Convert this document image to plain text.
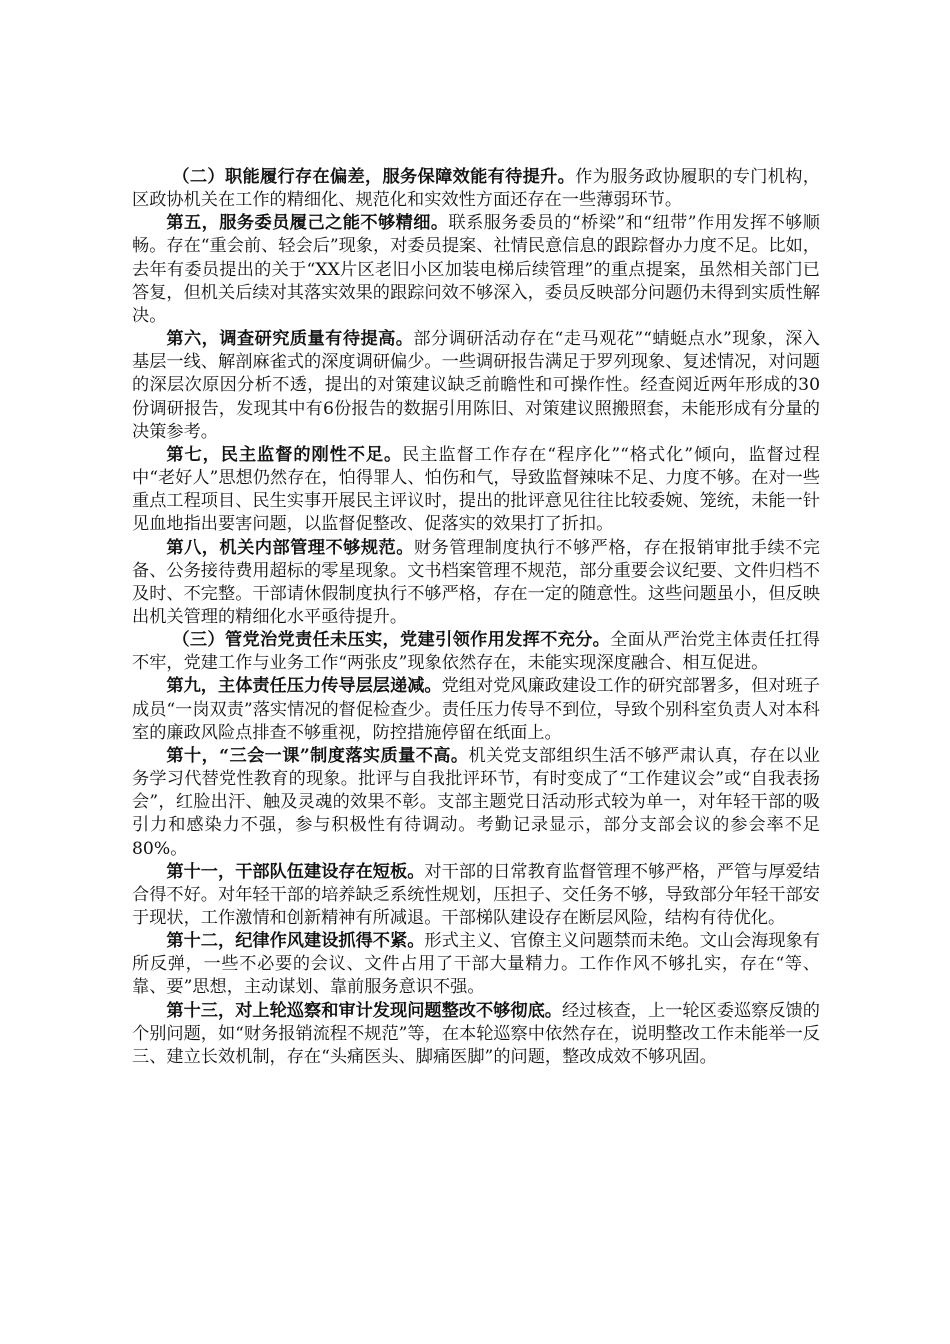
（二）职能履行存在偏差，服务保障效能有待提升。作为服务政协履职的专门机构，区政协机关在工作的精细化、规范化和实效性方面还存在一些薄弱环节。

第五，服务委员履己之能不够精细。联系服务委员的“桥梁”和“纽带”作用发挥不够顺畅。存在“重会前、轻会后”现象，对委员提案、社情民意信息的跟踪督办力度不足。比如，去年有委员提出的关于“XX片区老旧小区加装电梯后续管理”的重点提案，虽然相关部门已答复，但机关后续对其落实效果的跟踪问效不够深入，委员反映部分问题仍未得到实质性解决。

第六，调查研究质量有待提高。部分调研活动存在“走马观花”“蜻蜓点水”现象，深入基层一线、解剖麻雀式的深度调研偏少。一些调研报告满足于罗列现象、复述情况，对问题的深层次原因分析不透，提出的对策建议缺乏前瞻性和可操作性。经查阅近两年形成的30份调研报告，发现其中有6份报告的数据引用陈旧、对策建议照搬照套，未能形成有分量的决策参考。

第七，民主监督的刚性不足。民主监督工作存在“程序化”“格式化”倾向，监督过程中“老好人”思想仍然存在，怕得罪人、怕伤和气，导致监督辣味不足、力度不够。在对一些重点工程项目、民生实事开展民主评议时，提出的批评意见往往比较委婉、笼统，未能一针见血地指出要害问题，以监督促整改、促落实的效果打了折扣。

第八，机关内部管理不够规范。财务管理制度执行不够严格，存在报销审批手续不完备、公务接待费用超标的零星现象。文书档案管理不规范，部分重要会议纪要、文件归档不及时、不完整。干部请休假制度执行不够严格，存在一定的随意性。这些问题虽小，但反映出机关管理的精细化水平亟待提升。

（三）管党治党责任未压实，党建引领作用发挥不充分。全面从严治党主体责任扛得不牢，党建工作与业务工作“两张皮”现象依然存在，未能实现深度融合、相互促进。

第九，主体责任压力传导层层递减。党组对党风廉政建设工作的研究部署多，但对班子成员“一岗双责”落实情况的督促检查少。责任压力传导不到位，导致个别科室负责人对本科室的廉政风险点排查不够重视，防控措施停留在纸面上。

第十，“三会一课”制度落实质量不高。机关党支部组织生活不够严肃认真，存在以业务学习代替党性教育的现象。批评与自我批评环节，有时变成了“工作建议会”或“自我表扬会”，红脸出汗、触及灵魂的效果不彰。支部主题党日活动形式较为单一，对年轻干部的吸引力和感染力不强，参与积极性有待调动。考勤记录显示，部分支部会议的参会率不足80%。

第十一，干部队伍建设存在短板。对干部的日常教育监督管理不够严格，严管与厚爱结合得不好。对年轻干部的培养缺乏系统性规划，压担子、交任务不够，导致部分年轻干部安于现状，工作激情和创新精神有所减退。干部梯队建设存在断层风险，结构有待优化。

第十二，纪律作风建设抓得不紧。形式主义、官僚主义问题禁而未绝。文山会海现象有所反弹，一些不必要的会议、文件占用了干部大量精力。工作作风不够扎实，存在“等、靠、要”思想，主动谋划、靠前服务意识不强。

第十三，对上轮巡察和审计发现问题整改不够彻底。经过核查，上一轮区委巡察反馈的个别问题，如“财务报销流程不规范”等，在本轮巡察中依然存在，说明整改工作未能举一反三、建立长效机制，存在“头痛医头、脚痛医脚”的问题，整改成效不够巩固。
